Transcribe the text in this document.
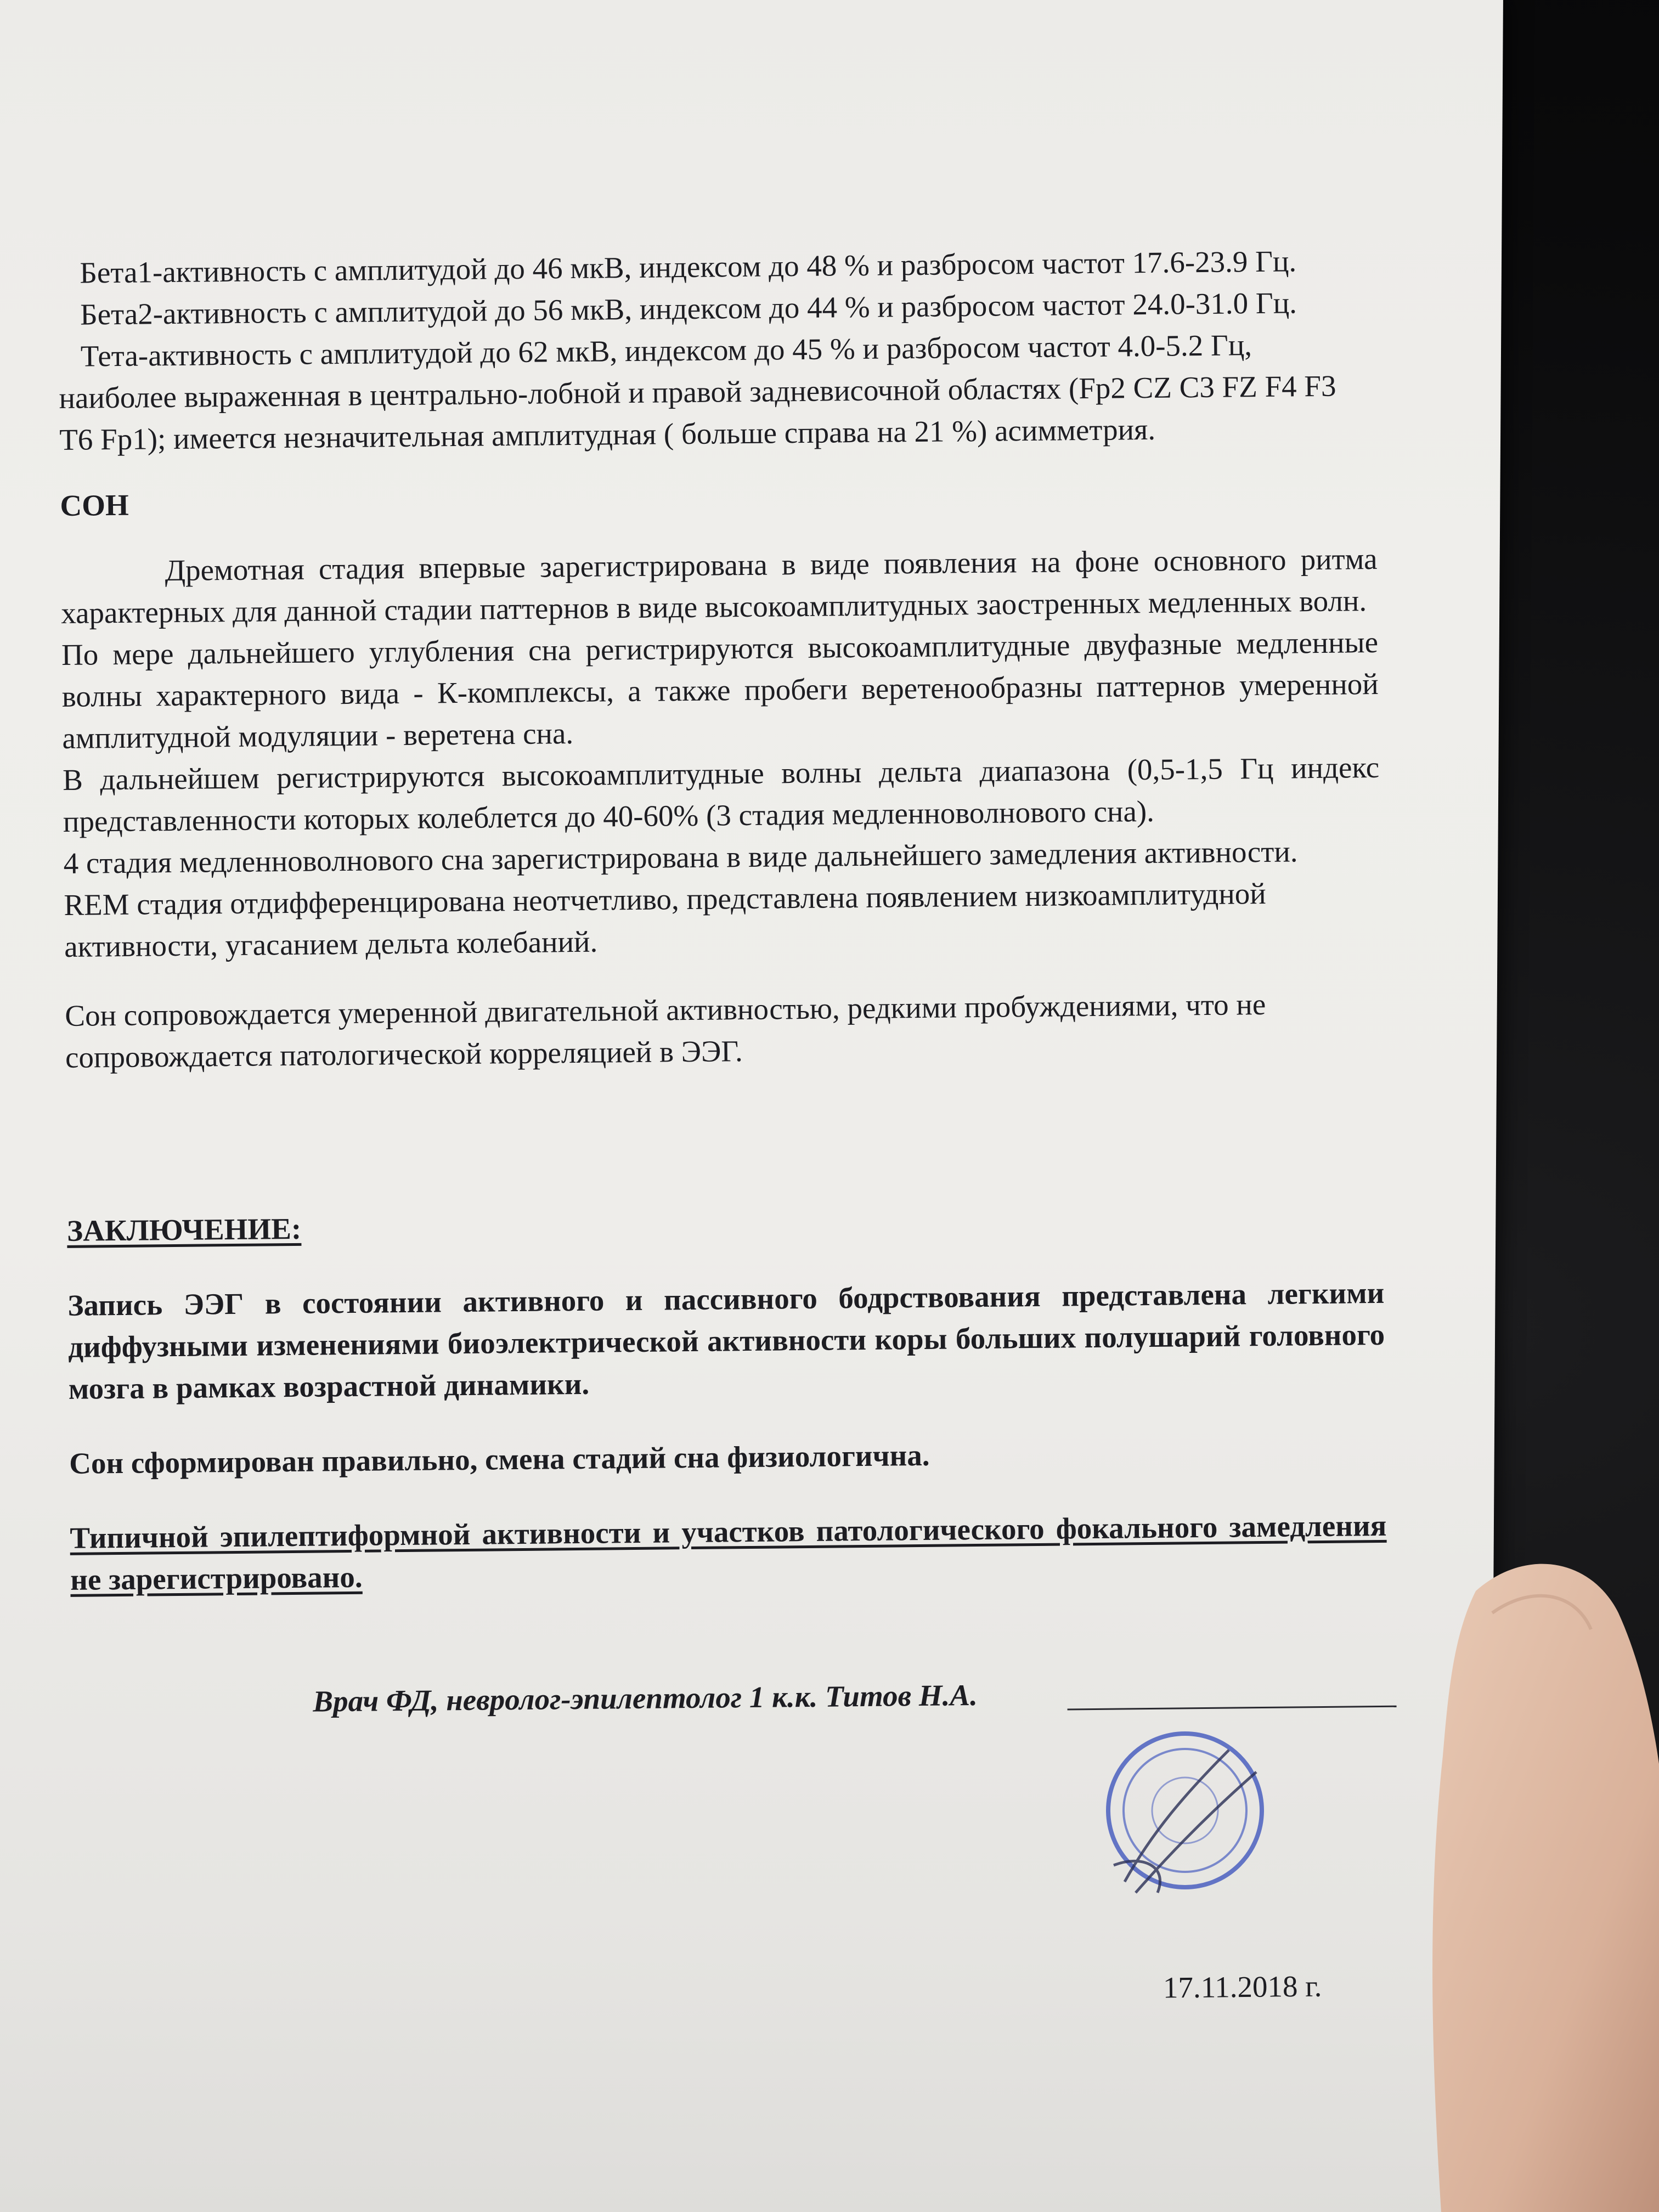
Бета1-активность с амплитудой до 46 мкВ, индексом до 48 % и разбросом частот 17.6-23.9 Гц.

Бета2-активность с амплитудой до 56 мкВ, индексом до 44 % и разбросом частот 24.0-31.0 Гц.

Тета-активность с амплитудой до 62 мкВ, индексом до 45 % и разбросом частот 4.0-5.2 Гц, наиболее выраженная в центрально-лобной и правой задневисочной областях (Fp2 CZ C3 FZ F4 F3 T6 Fp1); имеется незначительная амплитудная ( больше справа на 21 %) асимметрия.

СОН

Дремотная стадия впервые зарегистрирована в виде появления на фоне основного ритма характерных для данной стадии паттернов в виде высокоамплитудных заостренных медленных волн.

По мере дальнейшего углубления сна регистрируются высокоамплитудные двуфазные медленные волны характерного вида - К-комплексы, а также пробеги веретенообразны паттернов умеренной амплитудной модуляции - веретена сна.

В дальнейшем регистрируются высокоамплитудные волны дельта диапазона (0,5-1,5 Гц индекс представленности которых колеблется до 40-60% (3 стадия медленноволнового сна).

4 стадия медленноволнового сна зарегистрирована в виде дальнейшего замедления активности.

REM стадия отдифференцирована неотчетливо, представлена появлением низкоамплитудной активности, угасанием дельта колебаний.

Сон сопровождается умеренной двигательной активностью, редкими пробуждениями, что не сопровождается патологической корреляцией в ЭЭГ.

ЗАКЛЮЧЕНИЕ:

Запись ЭЭГ в состоянии активного и пассивного бодрствования представлена легкими диффузными изменениями биоэлектрической активности коры больших полушарий головного мозга в рамках возрастной динамики.

Сон сформирован правильно, смена стадий сна физиологична.

Типичной эпилептиформной активности и участков патологического фокального замедления не зарегистрировано.

Врач ФД, невролог-эпилептолог 1 к.к. Титов Н.А.
17.11.2018 г.
